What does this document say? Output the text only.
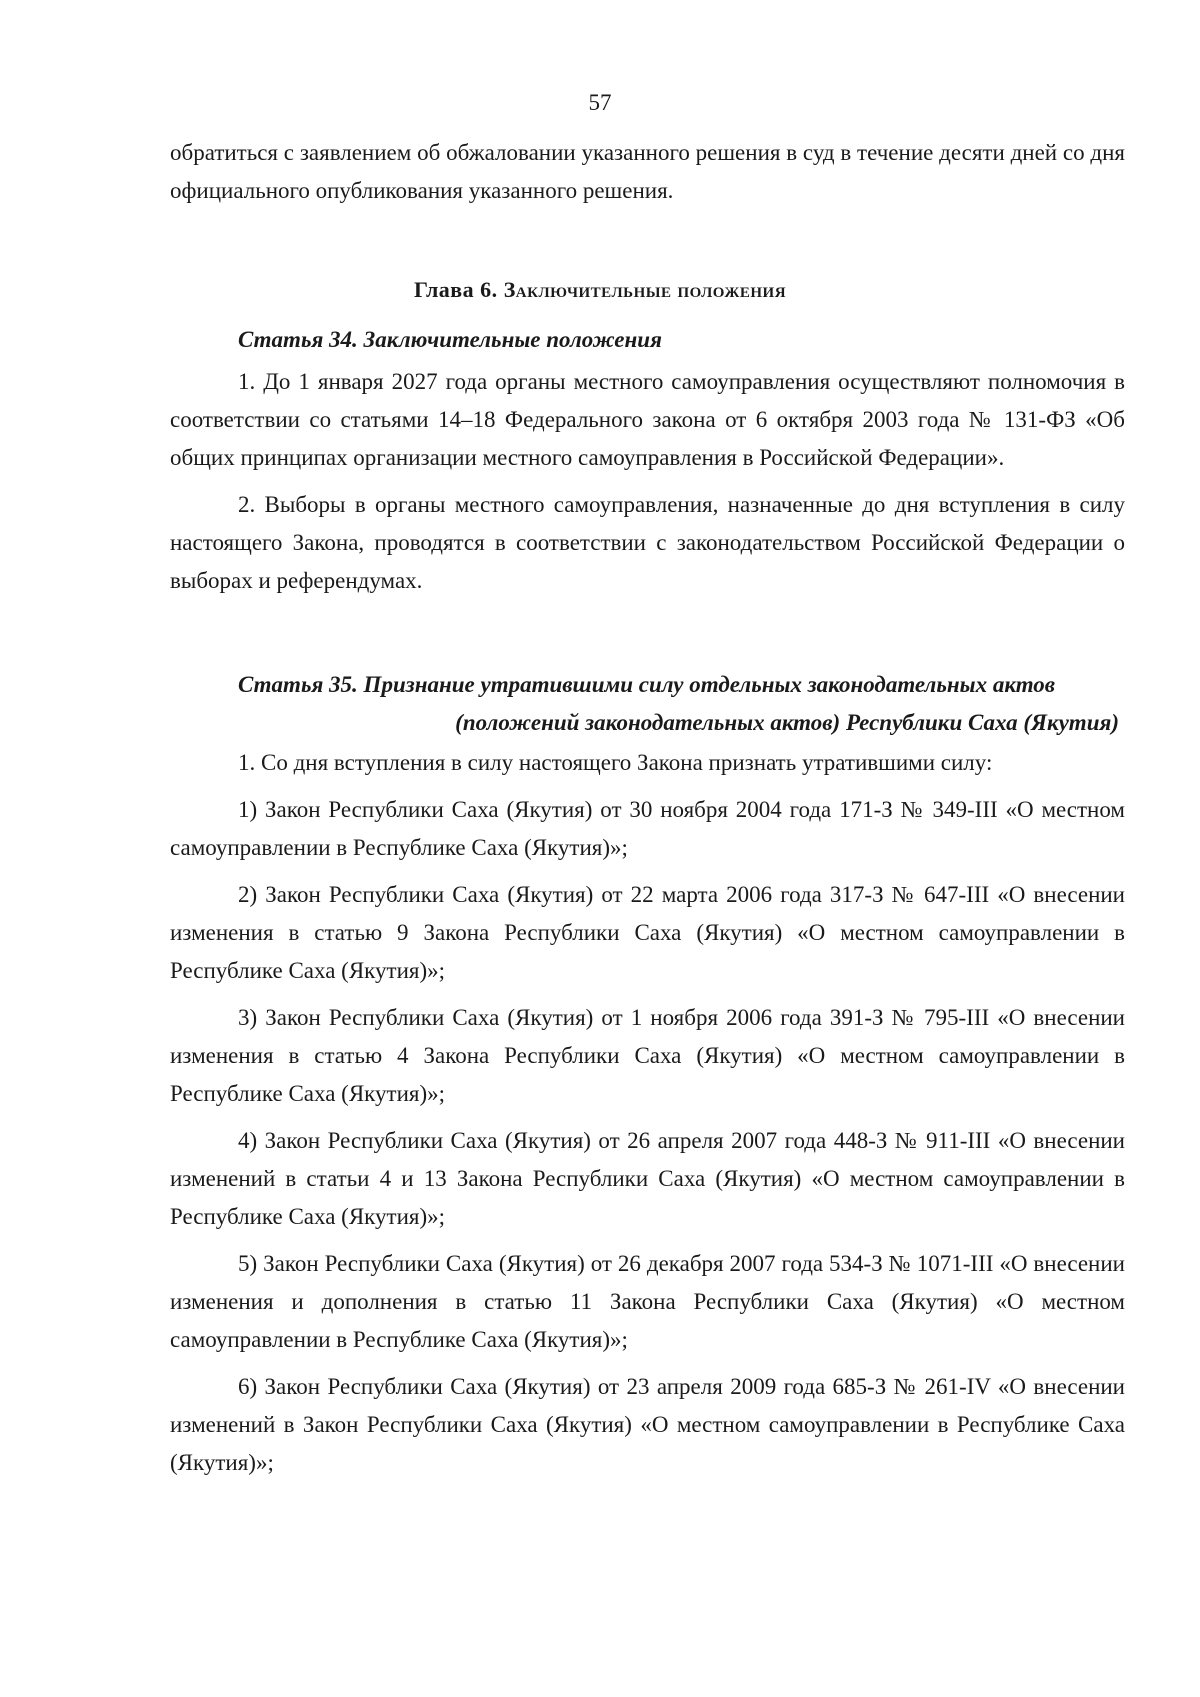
57

обратиться с заявлением об обжаловании указанного решения в суд в течение десяти дней со дня официального опубликования указанного решения.

Глава 6. Заключительные положения

Статья 34. Заключительные положения

1. До 1 января 2027 года органы местного самоуправления осуществляют полномочия в соответствии со статьями 14–18 Федерального закона от 6 октября 2003 года № 131-ФЗ «Об общих принципах организации местного самоуправления в Российской Федерации».

2. Выборы в органы местного самоуправления, назначенные до дня вступления в силу настоящего Закона, проводятся в соответствии с законодательством Российской Федерации о выборах и референдумах.

Статья 35. Признание утратившими силу отдельных законодательных актов

(положений законодательных актов) Республики Саха (Якутия)

1. Со дня вступления в силу настоящего Закона признать утратившими силу:

1) Закон Республики Саха (Якутия) от 30 ноября 2004 года 171-З № 349-III «О местном самоуправлении в Республике Саха (Якутия)»;

2) Закон Республики Саха (Якутия) от 22 марта 2006 года 317-З № 647-III «О внесении изменения в статью 9 Закона Республики Саха (Якутия) «О местном самоуправлении в Республике Саха (Якутия)»;

3) Закон Республики Саха (Якутия) от 1 ноября 2006 года 391-З № 795-III «О внесении изменения в статью 4 Закона Республики Саха (Якутия) «О местном самоуправлении в Республике Саха (Якутия)»;

4) Закон Республики Саха (Якутия) от 26 апреля 2007 года 448-З № 911-III «О внесении изменений в статьи 4 и 13 Закона Республики Саха (Якутия) «О местном самоуправлении в Республике Саха (Якутия)»;

5) Закон Республики Саха (Якутия) от 26 декабря 2007 года 534-З № 1071-III «О внесении изменения и дополнения в статью 11 Закона Республики Саха (Якутия) «О местном самоуправлении в Республике Саха (Якутия)»;

6) Закон Республики Саха (Якутия) от 23 апреля 2009 года 685-З № 261-IV «О внесении изменений в Закон Республики Саха (Якутия) «О местном самоуправлении в Республике Саха (Якутия)»;
